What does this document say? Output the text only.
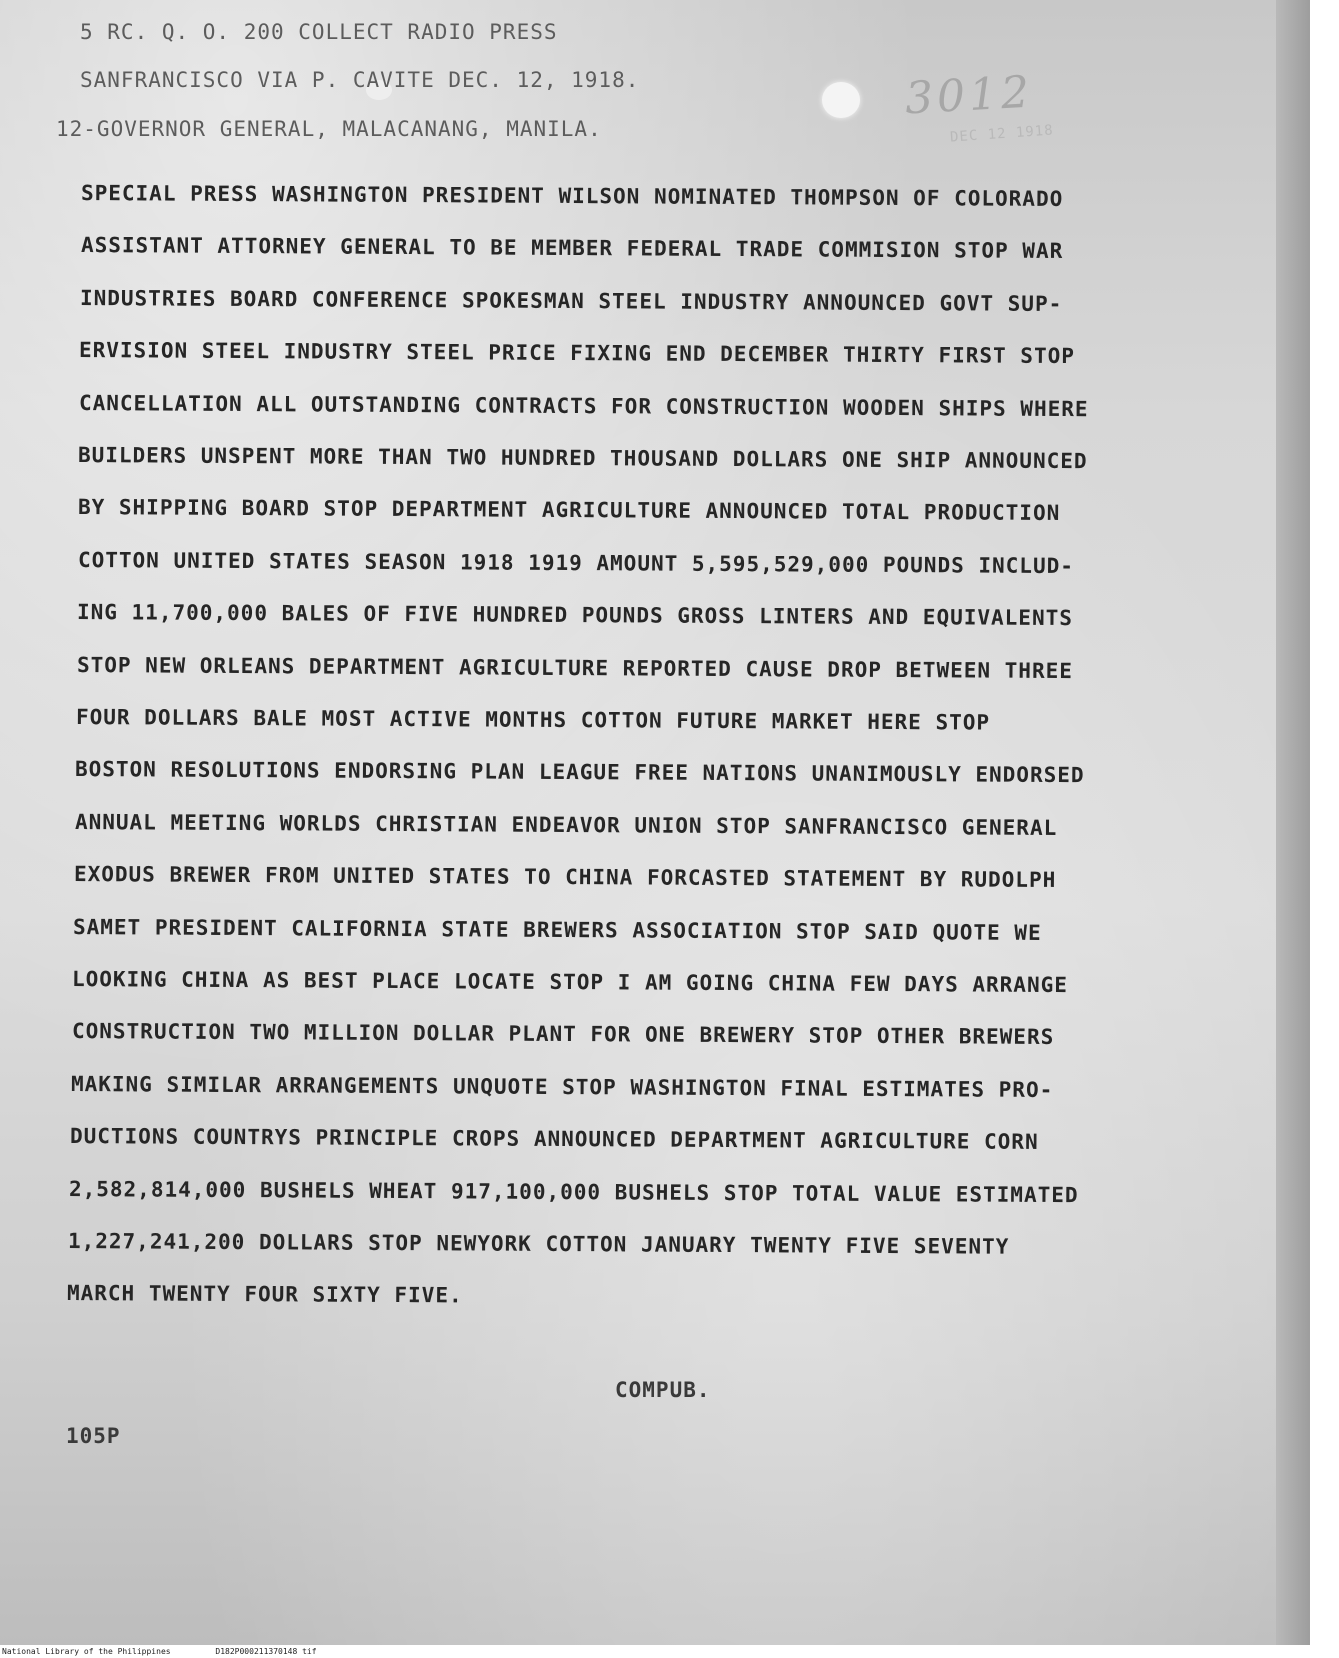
3012
DEC 12 1918
5 RC. Q. O. 200 COLLECT RADIO PRESS
SANFRANCISCO VIA P. CAVITE DEC. 12, 1918.
12-GOVERNOR GENERAL, MALACANANG, MANILA.
SPECIAL PRESS WASHINGTON PRESIDENT WILSON NOMINATED THOMPSON OF COLORADO
ASSISTANT ATTORNEY GENERAL TO BE MEMBER FEDERAL TRADE COMMISION STOP WAR
INDUSTRIES BOARD CONFERENCE SPOKESMAN STEEL INDUSTRY ANNOUNCED GOVT SUP-
ERVISION STEEL INDUSTRY STEEL PRICE FIXING END DECEMBER THIRTY FIRST STOP
CANCELLATION ALL OUTSTANDING CONTRACTS FOR CONSTRUCTION WOODEN SHIPS WHERE
BUILDERS UNSPENT MORE THAN TWO HUNDRED THOUSAND DOLLARS ONE SHIP ANNOUNCED
BY SHIPPING BOARD STOP DEPARTMENT AGRICULTURE ANNOUNCED TOTAL PRODUCTION
COTTON UNITED STATES SEASON 1918 1919 AMOUNT 5,595,529,000 POUNDS INCLUD-
ING 11,700,000 BALES OF FIVE HUNDRED POUNDS GROSS LINTERS AND EQUIVALENTS
STOP NEW ORLEANS DEPARTMENT AGRICULTURE REPORTED CAUSE DROP BETWEEN THREE
FOUR DOLLARS BALE MOST ACTIVE MONTHS COTTON FUTURE MARKET HERE STOP
BOSTON RESOLUTIONS ENDORSING PLAN LEAGUE FREE NATIONS UNANIMOUSLY ENDORSED
ANNUAL MEETING WORLDS CHRISTIAN ENDEAVOR UNION STOP SANFRANCISCO GENERAL
EXODUS BREWER FROM UNITED STATES TO CHINA FORCASTED STATEMENT BY RUDOLPH
SAMET PRESIDENT CALIFORNIA STATE BREWERS ASSOCIATION STOP SAID QUOTE WE
LOOKING CHINA AS BEST PLACE LOCATE STOP I AM GOING CHINA FEW DAYS ARRANGE
CONSTRUCTION TWO MILLION DOLLAR PLANT FOR ONE BREWERY STOP OTHER BREWERS
MAKING SIMILAR ARRANGEMENTS UNQUOTE STOP WASHINGTON FINAL ESTIMATES PRO-
DUCTIONS COUNTRYS PRINCIPLE CROPS ANNOUNCED DEPARTMENT AGRICULTURE CORN
2,582,814,000 BUSHELS WHEAT 917,100,000 BUSHELS STOP TOTAL VALUE ESTIMATED
1,227,241,200 DOLLARS STOP NEWYORK COTTON JANUARY TWENTY FIVE SEVENTY
MARCH TWENTY FOUR SIXTY FIVE.
COMPUB.
105P
National Library of the Philippines	D182P000211370148 tif
